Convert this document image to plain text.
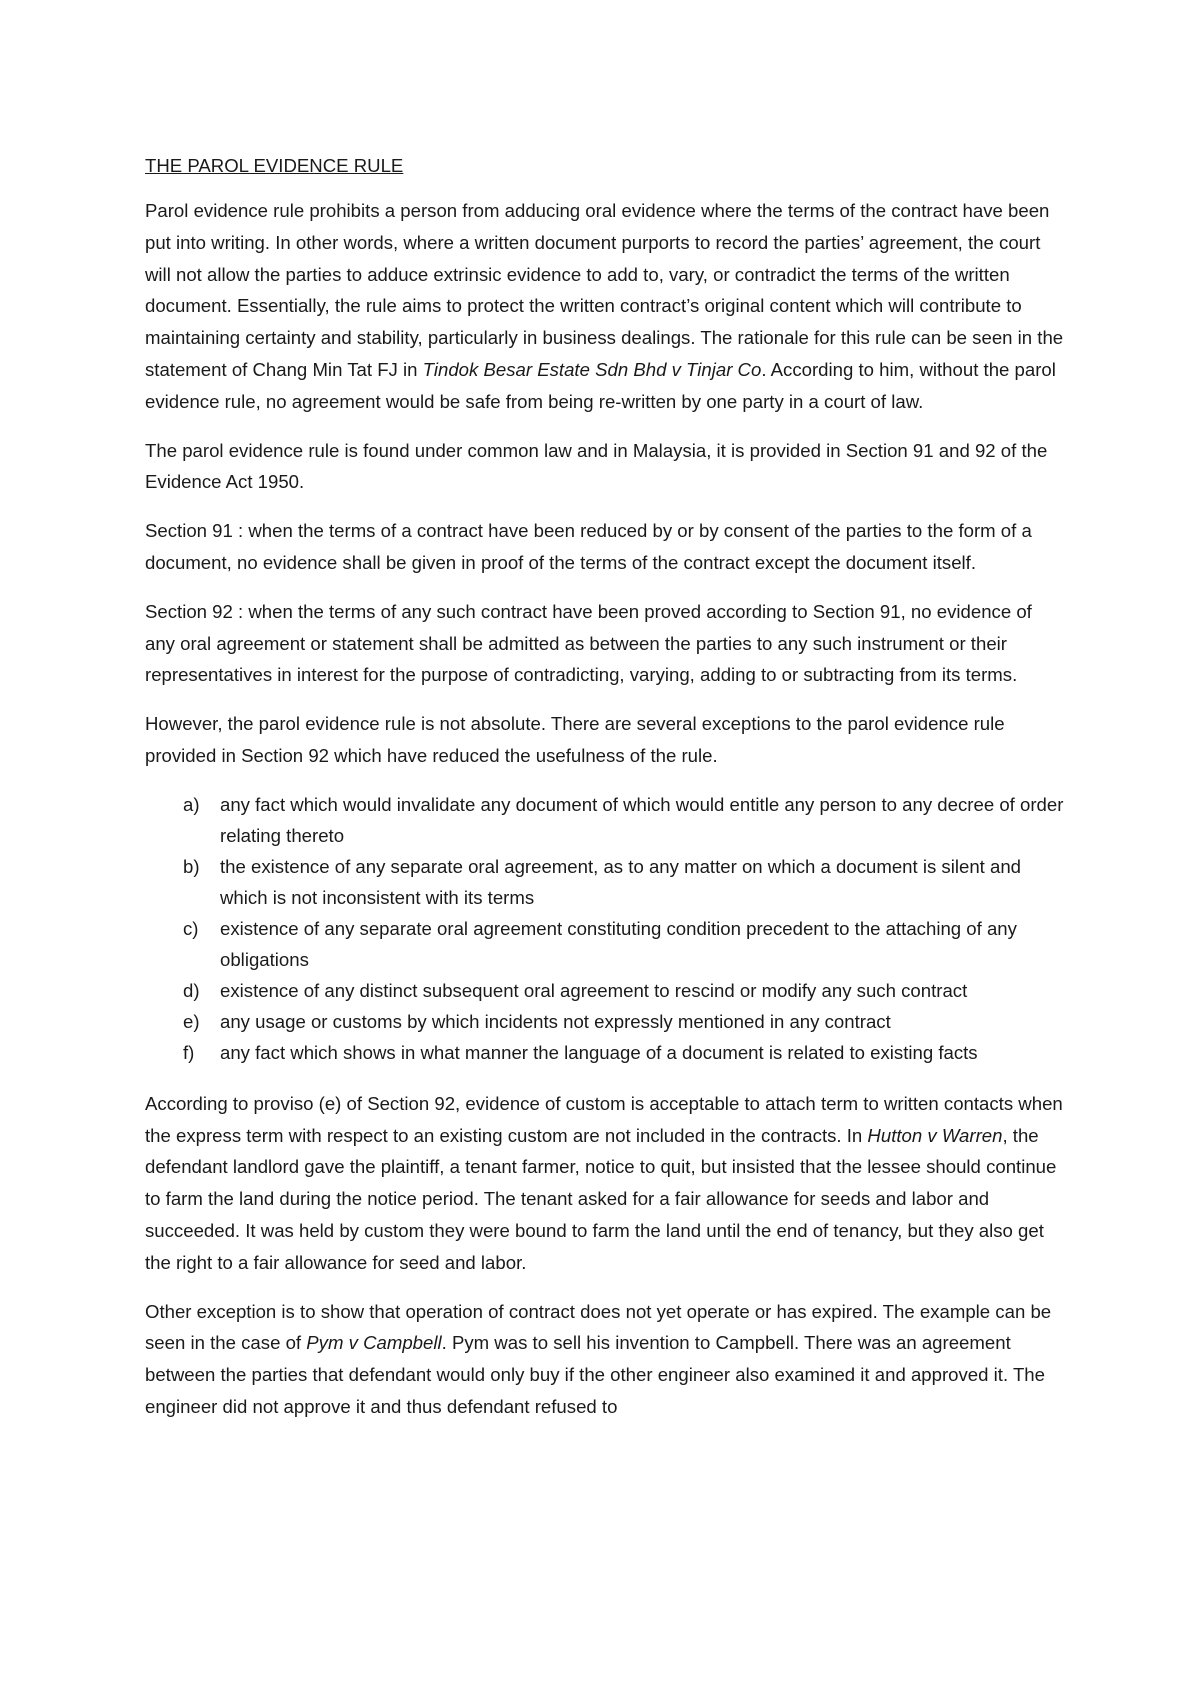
THE PAROL EVIDENCE RULE

Parol evidence rule prohibits a person from adducing oral evidence where the terms of the contract have been put into writing. In other words, where a written document purports to record the parties’ agreement, the court will not allow the parties to adduce extrinsic evidence to add to, vary, or contradict the terms of the written document. Essentially, the rule aims to protect the written contract’s original content which will contribute to maintaining certainty and stability, particularly in business dealings. The rationale for this rule can be seen in the statement of Chang Min Tat FJ in Tindok Besar Estate Sdn Bhd v Tinjar Co. According to him, without the parol evidence rule, no agreement would be safe from being re-written by one party in a court of law.

The parol evidence rule is found under common law and in Malaysia, it is provided in Section 91 and 92 of the Evidence Act 1950.

Section 91 : when the terms of a contract have been reduced by or by consent of the parties to the form of a document, no evidence shall be given in proof of the terms of the contract except the document itself.

Section 92 : when the terms of any such contract have been proved according to Section 91, no evidence of any oral agreement or statement shall be admitted as between the parties to any such instrument or their representatives in interest for the purpose of contradicting, varying, adding to or subtracting from its terms.

However, the parol evidence rule is not absolute. There are several exceptions to the parol evidence rule provided in Section 92 which have reduced the usefulness of the rule.

a) any fact which would invalidate any document of which would entitle any person to any decree of order relating thereto
b) the existence of any separate oral agreement, as to any matter on which a document is silent and which is not inconsistent with its terms
c) existence of any separate oral agreement constituting condition precedent to the attaching of any obligations
d) existence of any distinct subsequent oral agreement to rescind or modify any such contract
e) any usage or customs by which incidents not expressly mentioned in any contract
f) any fact which shows in what manner the language of a document is related to existing facts

According to proviso (e) of Section 92, evidence of custom is acceptable to attach term to written contacts when the express term with respect to an existing custom are not included in the contracts. In Hutton v Warren, the defendant landlord gave the plaintiff, a tenant farmer, notice to quit, but insisted that the lessee should continue to farm the land during the notice period. The tenant asked for a fair allowance for seeds and labor and succeeded. It was held by custom they were bound to farm the land until the end of tenancy, but they also get the right to a fair allowance for seed and labor.

Other exception is to show that operation of contract does not yet operate or has expired. The example can be seen in the case of Pym v Campbell. Pym was to sell his invention to Campbell. There was an agreement between the parties that defendant would only buy if the other engineer also examined it and approved it. The engineer did not approve it and thus defendant refused to
